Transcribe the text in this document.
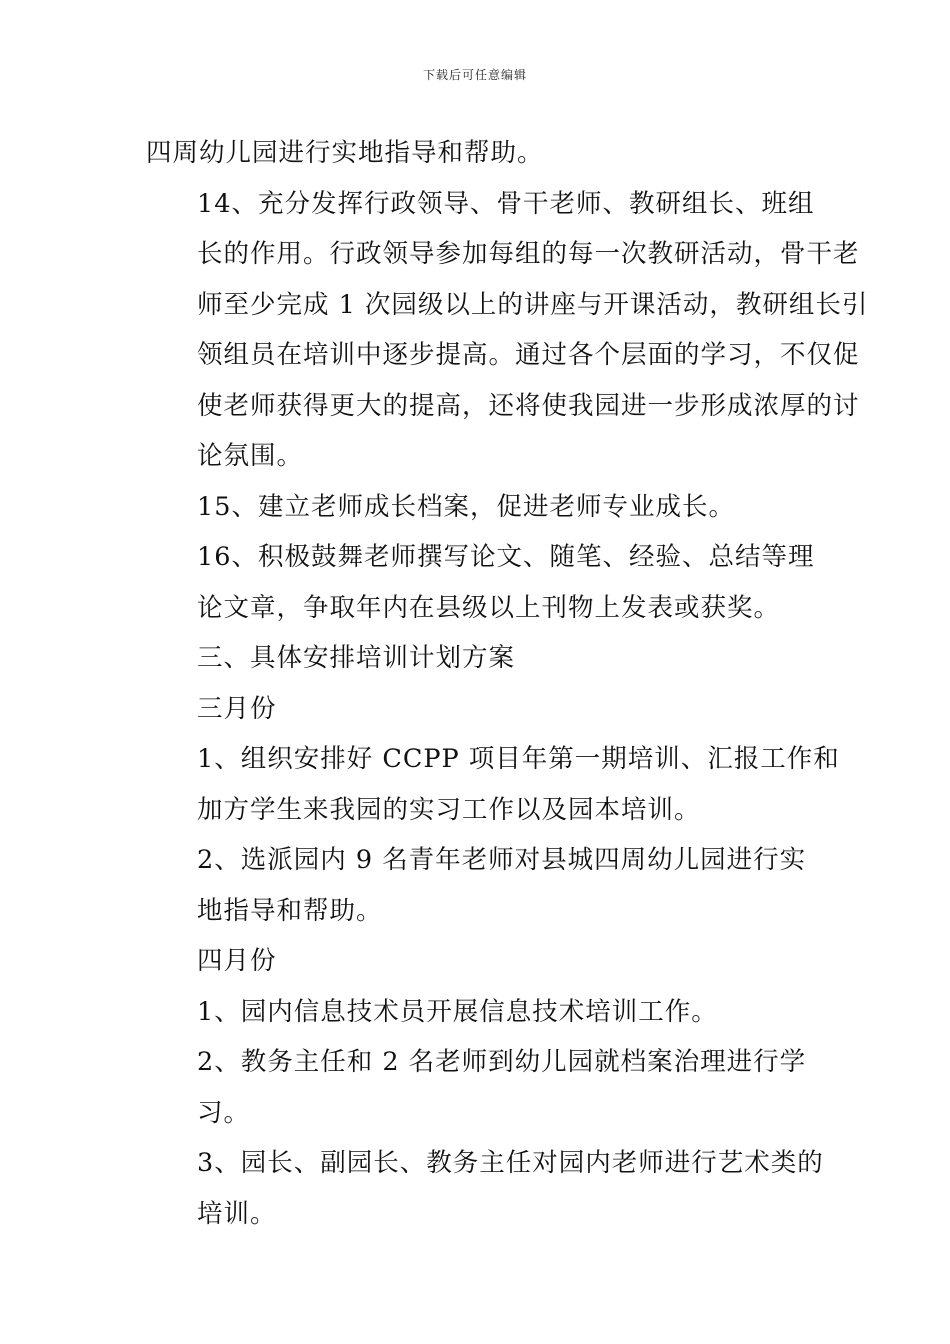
下载后可任意编辑

四周幼儿园进行实地指导和帮助。

14、充分发挥行政领导、骨干老师、教研组长、班组
长的作用。行政领导参加每组的每一次教研活动，骨干老
师至少完成 1 次园级以上的讲座与开课活动，教研组长引
领组员在培训中逐步提高。通过各个层面的学习，不仅促
使老师获得更大的提高，还将使我园进一步形成浓厚的讨
论氛围。

15、建立老师成长档案，促进老师专业成长。

16、积极鼓舞老师撰写论文、随笔、经验、总结等理
论文章，争取年内在县级以上刊物上发表或获奖。

三、具体安排培训计划方案

三月份

1、组织安排好 CCPP 项目年第一期培训、汇报工作和
加方学生来我园的实习工作以及园本培训。

2、选派园内 9 名青年老师对县城四周幼儿园进行实
地指导和帮助。

四月份

1、园内信息技术员开展信息技术培训工作。

2、教务主任和 2 名老师到幼儿园就档案治理进行学
习。

3、园长、副园长、教务主任对园内老师进行艺术类的
培训。
